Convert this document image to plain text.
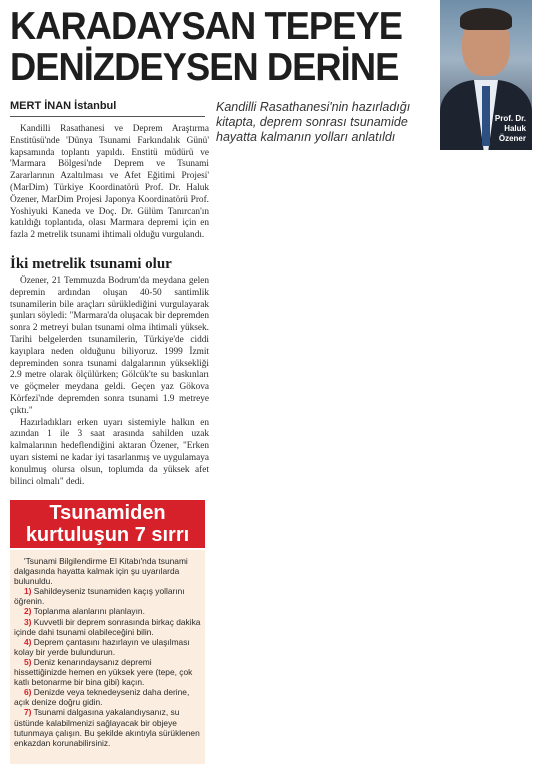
KARADAYSAN TEPEYE
DENİZDEYSEN DERİNE
Prof. Dr.
Haluk
Özener
MERT İNAN İstanbul	Kandilli Rasathanesi'nin hazırladığı kitapta, deprem sonrası tsunamide hayatta kalmanın yolları anlatıldı

Kandilli Rasathanesi ve Deprem Araştırma Enstitüsü'nde 'Dünya Tsunami Farkındalık Günü' kapsamında toplantı yapıldı. Enstitü müdürü ve 'Marmara Bölgesi'nde Deprem ve Tsunami Zararlarının Azaltılması ve Afet Eğitimi Projesi' (MarDim) Türkiye Koordinatörü Prof. Dr. Haluk Özener, MarDim Projesi Japonya Koordinatörü Prof. Yoshiyuki Kaneda ve Doç. Dr. Gülüm Tanırcan'ın katıldığı toplantıda, olası Marmara depremi için en fazla 2 metrelik tsunami ihtimali olduğu vurgulandı.

İki metrelik tsunami olur

Özener, 21 Temmuzda Bodrum'da meydana gelen depremin ardından oluşan 40-50 santimlik tsunamilerin bile araçları sürüklediğini vurgulayarak şunları söyledi: "Marmara'da oluşacak bir depremden sonra 2 metreyi bulan tsunami olma ihtimali yüksek. Tarihi belgelerden tsunamilerin, Türkiye'de ciddi kayıplara neden olduğunu biliyoruz. 1999 İzmit depreminden sonra tsunami dalgalarının yüksekliği 2.9 metre olarak ölçülürken; Gölcük'te su baskınları ve göçmeler meydana geldi. Geçen yaz Gökova Körfezi'nde depremden sonra tsunami 1.9 metreye çıktı."

Hazırladıkları erken uyarı sistemiyle halkın en azından 1 ile 3 saat arasında sahilden uzak kalmalarının hedeflendiğini aktaran Özener, "Erken uyarı sistemi ne kadar iyi tasarlanmış ve uygulamaya konulmuş olursa olsun, toplumda da yüksek afet bilinci olmalı" dedi.

Tsunamiden
kurtuluşun 7 sırrı

'Tsunami Bilgilendirme El Kitabı'nda tsunami dalgasında hayatta kalmak için şu uyarılarda bulunuldu.

1) Sahildeyseniz tsunamiden kaçış yollarını öğrenin.

2) Toplanma alanlarını planlayın.

3) Kuvvetli bir deprem sonrasında birkaç dakika içinde dahi tsunami olabileceğini bilin.

4) Deprem çantasını hazırlayın ve ulaşılması kolay bir yerde bulundurun.

5) Deniz kenarındaysanız depremi hissettiğinizde hemen en yüksek yere (tepe, çok katlı betonarme bir bina gibi) kaçın.

6) Denizde veya teknedeyseniz daha derine, açık denize doğru gidin.

7) Tsunami dalgasına yakalandıysanız, su üstünde kalabilmenizi sağlayacak bir objeye tutunmaya çalışın. Bu şekilde akıntıyla sürüklenen enkazdan korunabilirsiniz.
